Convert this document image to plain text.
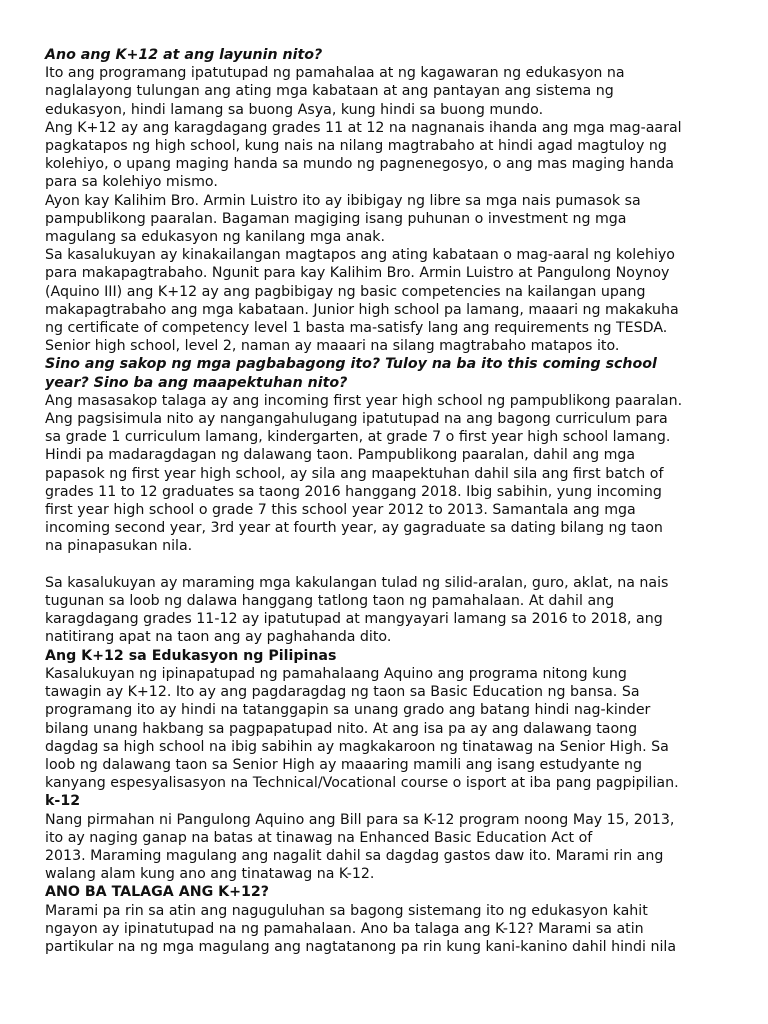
Ano ang K+12 at ang layunin nito?

Ito ang programang ipatutupad ng pamahalaa at ng kagawaran ng edukasyon na
naglalayong tulungan ang ating mga kabataan at ang pantayan ang sistema ng
edukasyon, hindi lamang sa buong Asya, kung hindi sa buong mundo.

Ang K+12 ay ang karagdagang grades 11 at 12 na nagnanais ihanda ang mga mag-aaral
pagkatapos ng high school, kung nais na nilang magtrabaho at hindi agad magtuloy ng
kolehiyo, o upang maging handa sa mundo ng pagnenegosyo, o ang mas maging handa
para sa kolehiyo mismo.

Ayon kay Kalihim Bro. Armin Luistro ito ay ibibigay ng libre sa mga nais pumasok sa
pampublikong paaralan. Bagaman magiging isang puhunan o investment ng mga
magulang sa edukasyon ng kanilang mga anak.

Sa kasalukuyan ay kinakailangan magtapos ang ating kabataan o mag-aaral ng kolehiyo
para makapagtrabaho. Ngunit para kay Kalihim Bro. Armin Luistro at Pangulong Noynoy
(Aquino III) ang K+12 ay ang pagbibigay ng basic competencies na kailangan upang
makapagtrabaho ang mga kabataan. Junior high school pa lamang, maaari ng makakuha
ng certificate of competency level 1 basta ma-satisfy lang ang requirements ng TESDA.
Senior high school, level 2, naman ay maaari na silang magtrabaho matapos ito.

Sino ang sakop ng mga pagbabagong ito? Tuloy na ba ito this coming school
year? Sino ba ang maapektuhan nito?

Ang masasakop talaga ay ang incoming first year high school ng pampublikong paaralan.
Ang pagsisimula nito ay nangangahulugang ipatutupad na ang bagong curriculum para
sa grade 1 curriculum lamang, kindergarten, at grade 7 o first year high school lamang.
Hindi pa madaragdagan ng dalawang taon. Pampublikong paaralan, dahil ang mga
papasok ng first year high school, ay sila ang maapektuhan dahil sila ang first batch of
grades 11 to 12 graduates sa taong 2016 hanggang 2018. Ibig sabihin, yung incoming
first year high school o grade 7 this school year 2012 to 2013. Samantala ang mga
incoming second year, 3rd year at fourth year, ay gagraduate sa dating bilang ng taon
na pinapasukan nila.

Sa kasalukuyan ay maraming mga kakulangan tulad ng silid-aralan, guro, aklat, na nais
tugunan sa loob ng dalawa hanggang tatlong taon ng pamahalaan. At dahil ang
karagdagang grades 11-12 ay ipatutupad at mangyayari lamang sa 2016 to 2018, ang
natitirang apat na taon ang ay paghahanda dito.

Ang K+12 sa Edukasyon ng Pilipinas

Kasalukuyan ng ipinapatupad ng pamahalaang Aquino ang programa nitong kung
tawagin ay K+12. Ito ay ang pagdaragdag ng taon sa Basic Education ng bansa. Sa
programang ito ay hindi na tatanggapin sa unang grado ang batang hindi nag-kinder
bilang unang hakbang sa pagpapatupad nito. At ang isa pa ay ang dalawang taong
dagdag sa high school na ibig sabihin ay magkakaroon ng tinatawag na Senior High. Sa
loob ng dalawang taon sa Senior High ay maaaring mamili ang isang estudyante ng
kanyang espesyalisasyon na Technical/Vocational course o isport at iba pang pagpipilian.

k-12

Nang pirmahan ni Pangulong Aquino ang Bill para sa K-12 program noong May 15, 2013,
ito ay naging ganap na batas at tinawag na Enhanced Basic Education Act of
2013. Maraming magulang ang nagalit dahil sa dagdag gastos daw ito. Marami rin ang
walang alam kung ano ang tinatawag na K-12.

ANO BA TALAGA ANG K+12?

Marami pa rin sa atin ang naguguluhan sa bagong sistemang ito ng edukasyon kahit
ngayon ay ipinatutupad na ng pamahalaan. Ano ba talaga ang K-12? Marami sa atin
partikular na ng mga magulang ang nagtatanong pa rin kung kani-kanino dahil hindi nila
